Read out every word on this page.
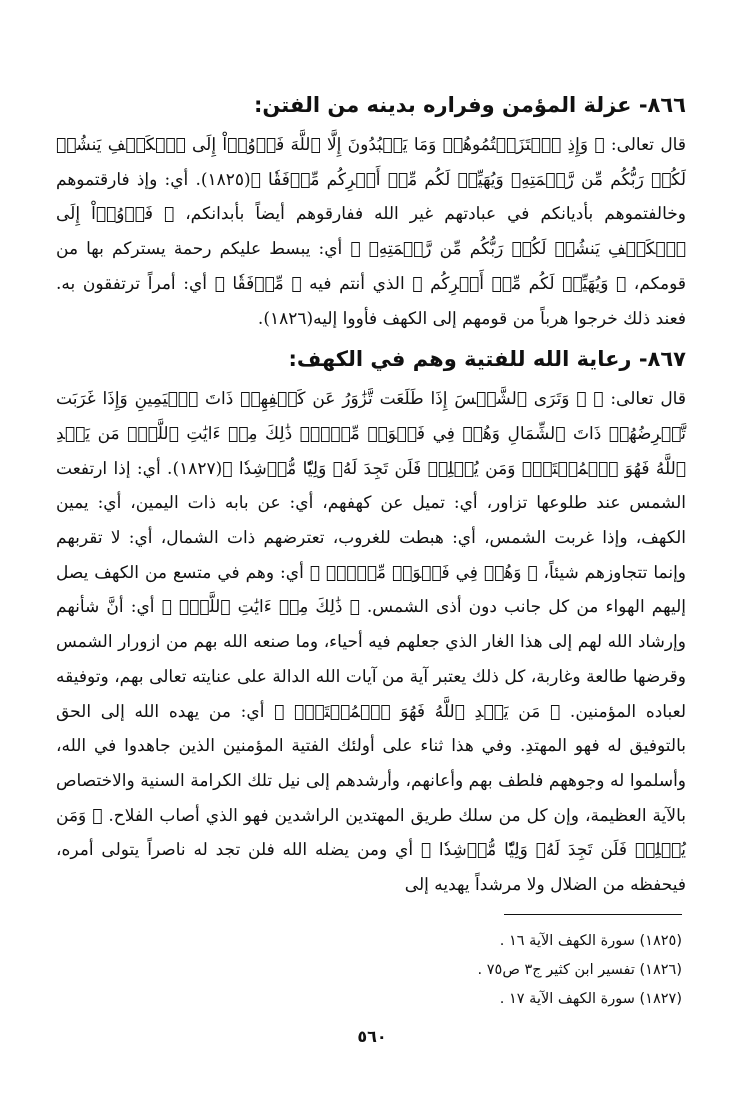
٨٦٦- عزلة المؤمن وفراره بدينه من الفتن:

قال تعالى: ﴿ وَإِذِ ٱعۡتَزَلۡتُمُوهُمۡ وَمَا يَعۡبُدُونَ إِلَّا ٱللَّهَ فَأۡوُۥٓاْ إِلَى ٱلۡكَهۡفِ يَنشُرۡ لَكُمۡ رَبُّكُم مِّن رَّحۡمَتِهِۦ وَيُهَيِّئۡ لَكُم مِّنۡ أَمۡرِكُم مِّرۡفَقٗا ﴾(١٨٢٥). أي: وإذ فارقتموهم وخالفتموهم بأديانكم في عبادتهم غير الله ففارقوهم أيضاً بأبدانكم، ﴿ فَأۡوُۥٓاْ إِلَى ٱلۡكَهۡفِ يَنشُرۡ لَكُمۡ رَبُّكُم مِّن رَّحۡمَتِهِۦ ﴾ أي: يبسط عليكم رحمة يستركم بها من قومكم، ﴿ وَيُهَيِّئۡ لَكُم مِّنۡ أَمۡرِكُم ﴾ الذي أنتم فيه ﴿ مِّرۡفَقٗا ﴾ أي: أمراً ترتفقون به. فعند ذلك خرجوا هرباً من قومهم إلى الكهف فأووا إليه(١٨٢٦).

٨٦٧- رعاية الله للفتية وهم في الكهف:

قال تعالى: ﴿ ۞ وَتَرَى ٱلشَّمۡسَ إِذَا طَلَعَت تَّزَٰوَرُ عَن كَهۡفِهِمۡ ذَاتَ ٱلۡيَمِينِ وَإِذَا غَرَبَت تَّقۡرِضُهُمۡ ذَاتَ ٱلشِّمَالِ وَهُمۡ فِي فَجۡوَةٖ مِّنۡهُۚ ذَٰلِكَ مِنۡ ءَايَٰتِ ٱللَّهِۗ مَن يَهۡدِ ٱللَّهُ فَهُوَ ٱلۡمُهۡتَدِۖ وَمَن يُضۡلِلۡ فَلَن تَجِدَ لَهُۥ وَلِيّٗا مُّرۡشِدٗا ﴾(١٨٢٧). أي: إذا ارتفعت الشمس عند طلوعها تزاور، أي: تميل عن كهفهم، أي: عن بابه ذات اليمين، أي: يمين الكهف، وإذا غربت الشمس، أي: هبطت للغروب، تعترضهم ذات الشمال، أي: لا تقربهم وإنما تتجاوزهم شيئاً، ﴿ وَهُمۡ فِي فَجۡوَةٖ مِّنۡهُۚ ﴾ أي: وهم في متسع من الكهف يصل إليهم الهواء من كل جانب دون أذى الشمس. ﴿ ذَٰلِكَ مِنۡ ءَايَٰتِ ٱللَّهِۗ ﴾ أي: أنَّ شأنهم وإرشاد الله لهم إلى هذا الغار الذي جعلهم فيه أحياء، وما صنعه الله بهم من ازورار الشمس وقرضها طالعة وغاربة، كل ذلك يعتبر آية من آيات الله الدالة على عنايته تعالى بهم، وتوفيقه لعباده المؤمنين. ﴿ مَن يَهۡدِ ٱللَّهُ فَهُوَ ٱلۡمُهۡتَدِۖ ﴾ أي: من يهده الله إلى الحق بالتوفيق له فهو المهتدِ. وفي هذا ثناء على أولئك الفتية المؤمنين الذين جاهدوا في الله، وأسلموا له وجوههم فلطف بهم وأعانهم، وأرشدهم إلى نيل تلك الكرامة السنية والاختصاص بالآية العظيمة، وإن كل من سلك طريق المهتدين الراشدين فهو الذي أصاب الفلاح. ﴿ وَمَن يُضۡلِلۡ فَلَن تَجِدَ لَهُۥ وَلِيّٗا مُّرۡشِدٗا ﴾ أي ومن يضله الله فلن تجد له ناصراً يتولى أمره، فيحفظه من الضلال ولا مرشداً يهديه إلى

(١٨٢٥) سورة الكهف الآية ١٦ .
(١٨٢٦) تفسير ابن كثير ج٣ ص٧٥ .
(١٨٢٧) سورة الكهف الآية ١٧ .
٥٦٠
